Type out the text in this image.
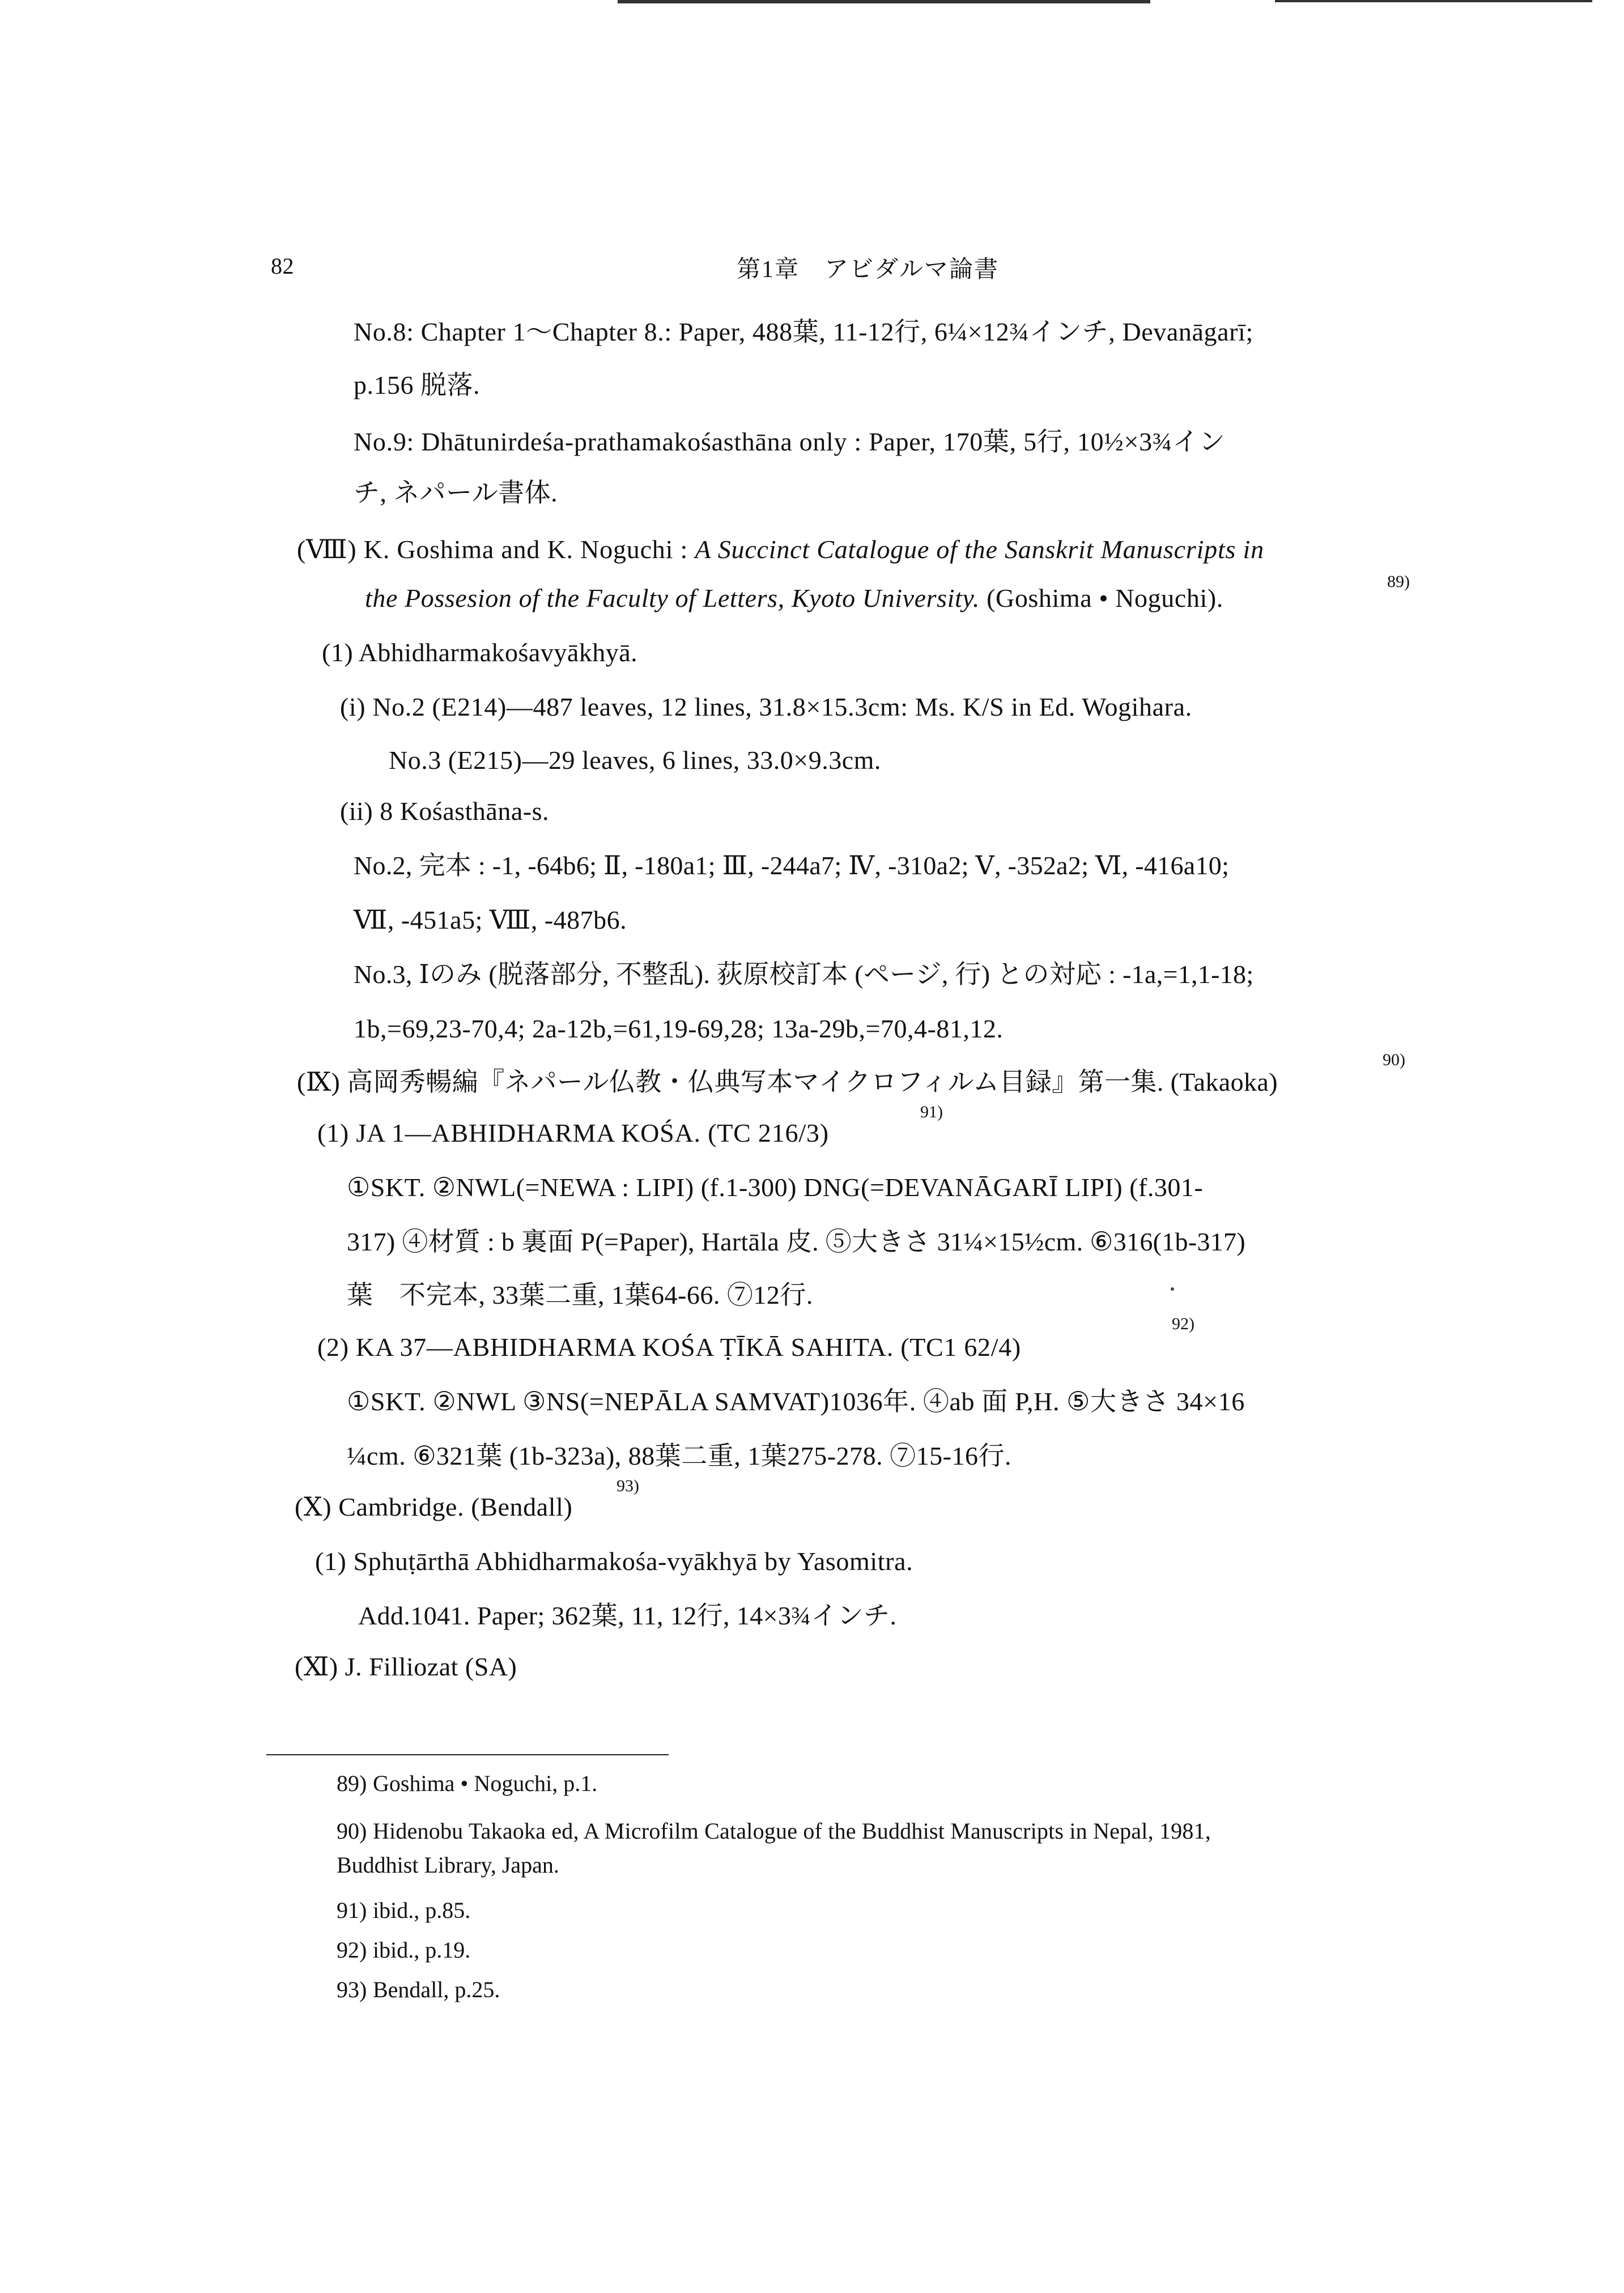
82	第1章　アビダルマ論書
No.8: Chapter 1〜Chapter 8.: Paper, 488葉, 11-12行, 6¼×12¾インチ, Devanāgarī;
p.156 脱落.
No.9: Dhātunirdeśa-prathamakośasthāna only : Paper, 170葉, 5行, 10½×3¾イン
チ, ネパール書体.
(Ⅷ) K. Goshima and K. Noguchi : A Succinct Catalogue of the Sanskrit Manuscripts in
the Possesion of the Faculty of Letters, Kyoto University. (Goshima • Noguchi).
89)
(1) Abhidharmakośavyākhyā.
(i) No.2 (E214)—487 leaves, 12 lines, 31.8×15.3cm: Ms. K/S in Ed. Wogihara.
No.3 (E215)—29 leaves, 6 lines, 33.0×9.3cm.
(ii) 8 Kośasthāna-s.
No.2, 完本 : -1, -64b6; Ⅱ, -180a1; Ⅲ, -244a7; Ⅳ, -310a2; Ⅴ, -352a2; Ⅵ, -416a10;
Ⅶ, -451a5; Ⅷ, -487b6.
No.3, Ⅰのみ (脱落部分, 不整乱). 荻原校訂本 (ページ, 行) との対応 : -1a,=1,1-18;
1b,=69,23-70,4; 2a-12b,=61,19-69,28; 13a-29b,=70,4-81,12.
(Ⅸ) 高岡秀暢編『ネパール仏教・仏典写本マイクロフィルム目録』第一集. (Takaoka)
90)
(1) JA 1—ABHIDHARMA KOŚA. (TC 216/3)
91)
①SKT. ②NWL(=NEWA : LIPI) (f.1-300) DNG(=DEVANĀGARĪ LIPI) (f.301-
317) ④材質 : b 裏面 P(=Paper), Hartāla 皮. ⑤大きさ 31¼×15½cm. ⑥316(1b-317)
葉　不完本, 33葉二重, 1葉64-66. ⑦12行.
(2) KA 37—ABHIDHARMA KOŚA ṬĪKĀ SAHITA. (TC1 62/4)
92)
①SKT. ②NWL ③NS(=NEPĀLA SAMVAT)1036年. ④ab 面 P,H. ⑤大きさ 34×16
¼cm. ⑥321葉 (1b-323a), 88葉二重, 1葉275-278. ⑦15-16行.
(Ⅹ) Cambridge. (Bendall)
93)
(1) Sphuṭārthā Abhidharmakośa-vyākhyā by Yasomitra.
Add.1041. Paper; 362葉, 11, 12行, 14×3¾インチ.
(Ⅺ) J. Filliozat (SA)
89) Goshima • Noguchi, p.1.
90) Hidenobu Takaoka ed, A Microfilm Catalogue of the Buddhist Manuscripts in Nepal, 1981,
Buddhist Library, Japan.
91) ibid., p.85.
92) ibid., p.19.
93) Bendall, p.25.
